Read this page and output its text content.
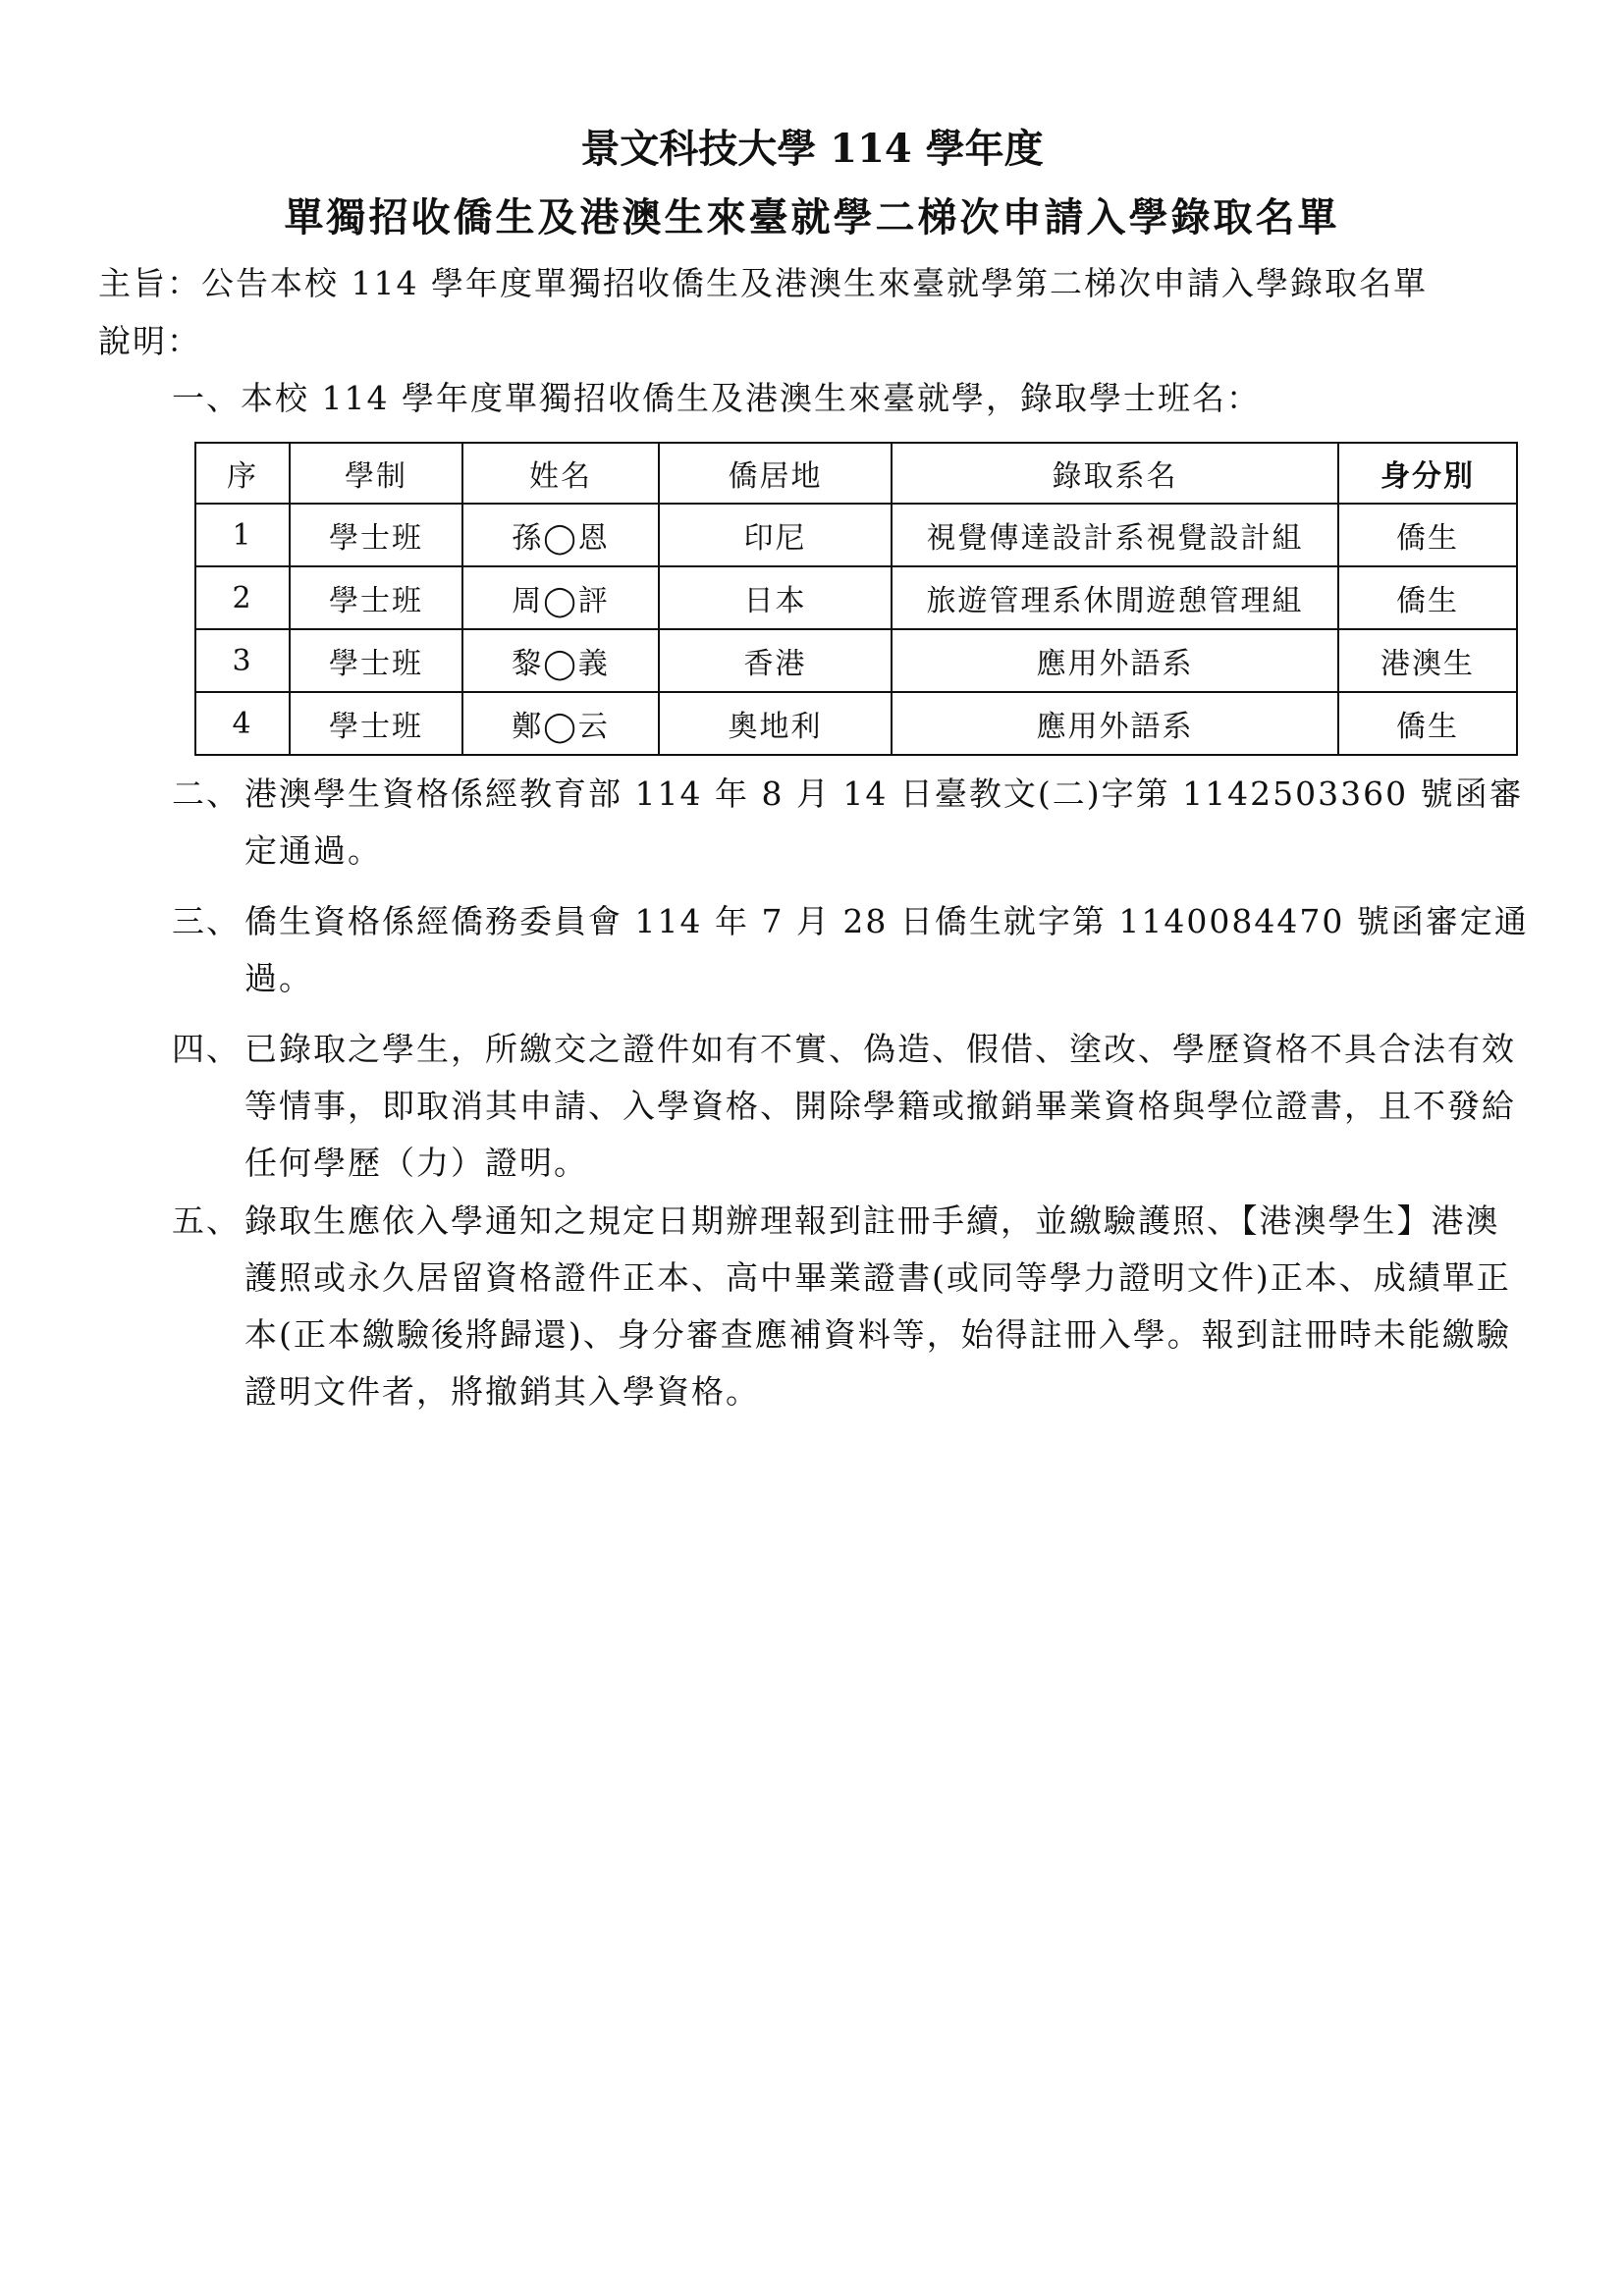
景文科技大學 114 學年度
單獨招收僑生及港澳生來臺就學二梯次申請入學錄取名單
主旨：公告本校 114 學年度單獨招收僑生及港澳生來臺就學第二梯次申請入學錄取名單
說明：
一、本校 114 學年度單獨招收僑生及港澳生來臺就學，錄取學士班名：
序	學制	姓名	僑居地	錄取系名	身分別
1	學士班	孫◯恩	印尼	視覺傳達設計系視覺設計組	僑生
2	學士班	周◯評	日本	旅遊管理系休閒遊憩管理組	僑生
3	學士班	黎◯義	香港	應用外語系	港澳生
4	學士班	鄭◯云	奧地利	應用外語系	僑生
二、 港澳學生資格係經教育部 114 年 8 月 14 日臺教文(二)字第 1142503360 號函審定通過。
三、 僑生資格係經僑務委員會 114 年 7 月 28 日僑生就字第 1140084470 號函審定通過。
四、 已錄取之學生，所繳交之證件如有不實、偽造、假借、塗改、學歷資格不具合法有效等情事，即取消其申請、入學資格、開除學籍或撤銷畢業資格與學位證書，且不發給任何學歷（力）證明。
五、 錄取生應依入學通知之規定日期辦理報到註冊手續，並繳驗護照、【港澳學生】港澳護照或永久居留資格證件正本、高中畢業證書(或同等學力證明文件)正本、成績單正本(正本繳驗後將歸還)、身分審查應補資料等，始得註冊入學。報到註冊時未能繳驗證明文件者，將撤銷其入學資格。
